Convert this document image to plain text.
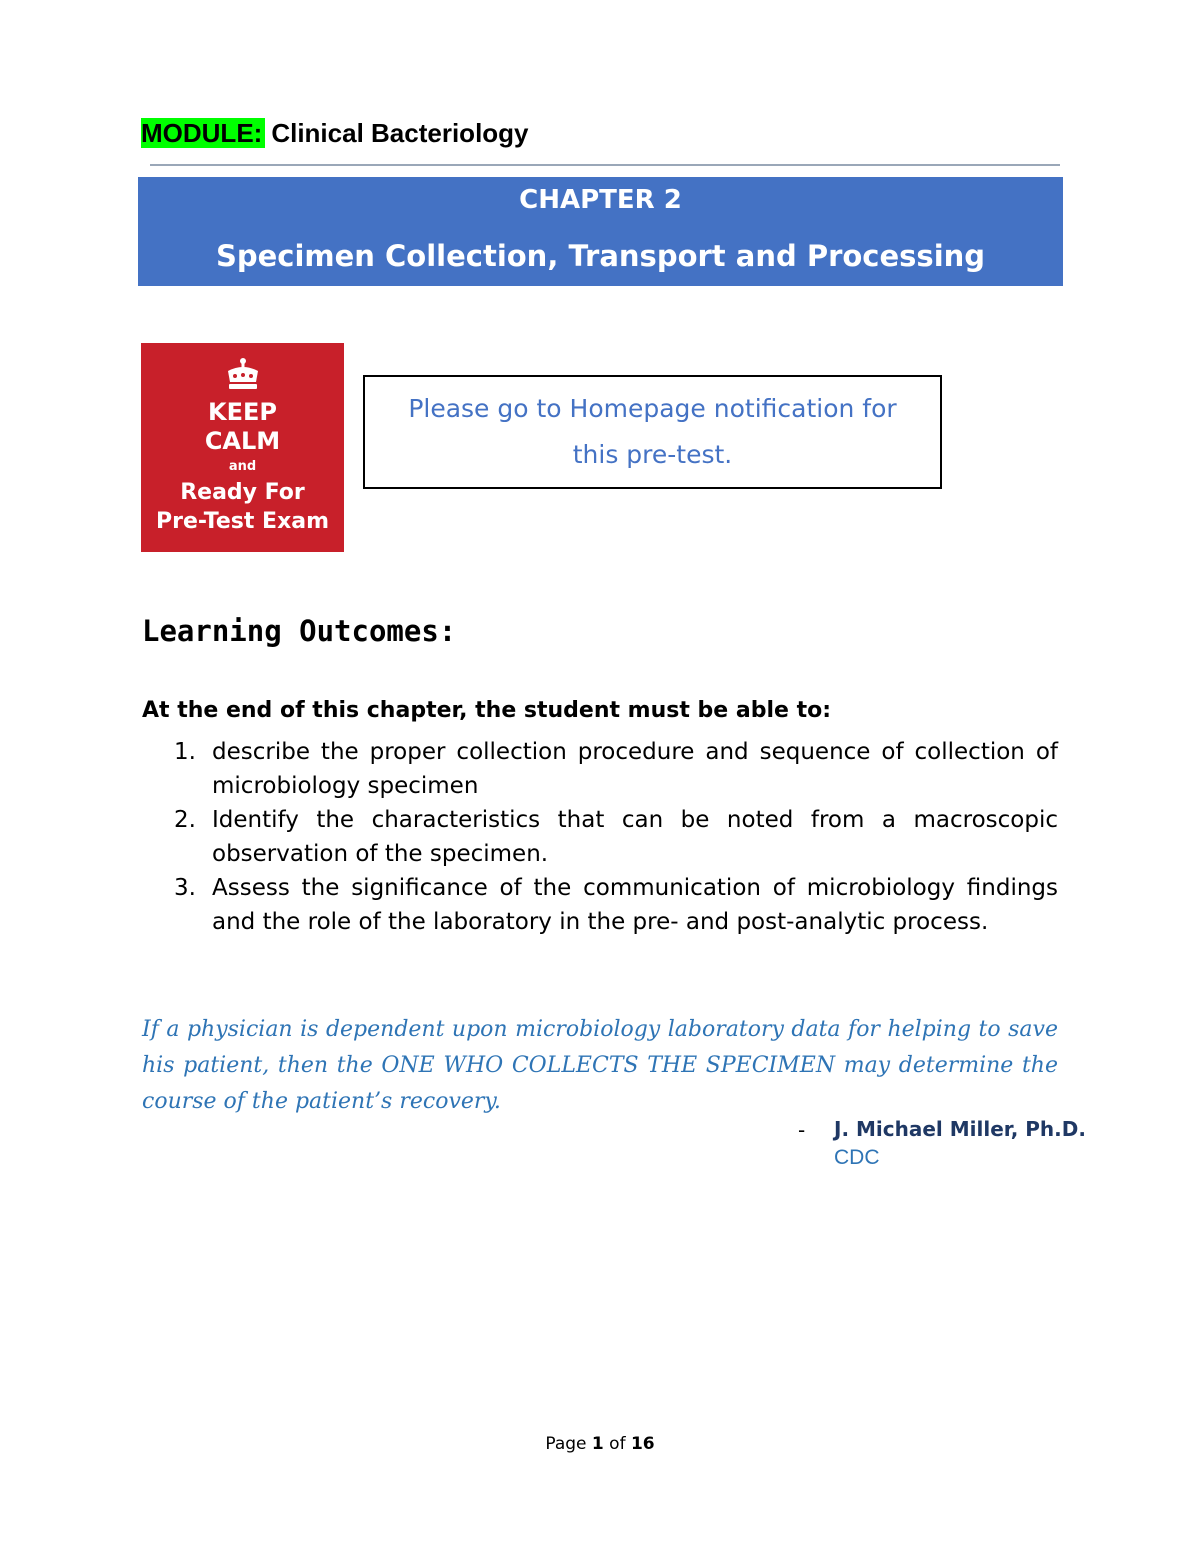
MODULE: Clinical Bacteriology
CHAPTER 2
Specimen Collection, Transport and Processing
KEEP
CALM
and
Ready For
Pre-Test Exam
Please go to Homepage notification for this pre-test.
Learning Outcomes:
At the end of this chapter, the student must be able to:
1. describe the proper collection procedure and sequence of collection of microbiology specimen
2. Identify the characteristics that can be noted from a macroscopic observation of the specimen.
3. Assess the significance of the communication of microbiology findings and the role of the laboratory in the pre- and post-analytic process.
If a physician is dependent upon microbiology laboratory data for helping to save his patient, then the ONE WHO COLLECTS THE SPECIMEN may determine the course of the patient’s recovery.
- J. Michael Miller, Ph.D.
CDC
Page 1 of 16
